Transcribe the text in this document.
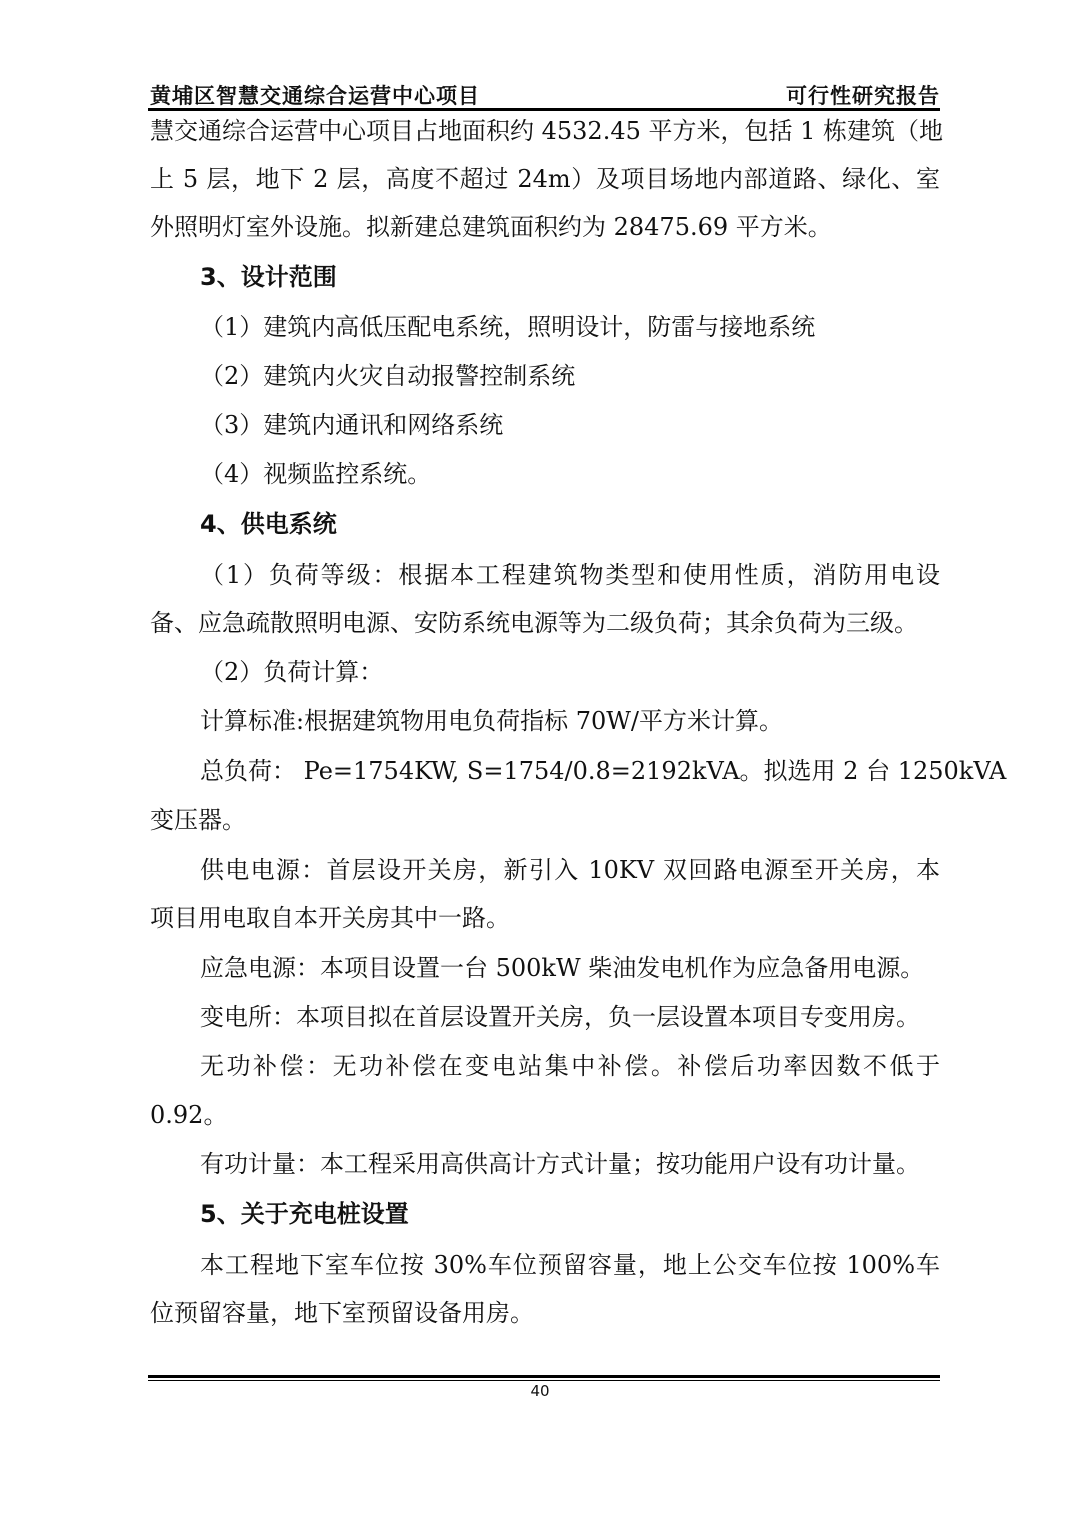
黄埔区智慧交通综合运营中心项目	可行性研究报告
慧交通综合运营中心项目占地面积约 4532.45 平方米，包括 1 栋建筑（地
上 5 层，地下 2 层，高度不超过 24m）及项目场地内部道路、绿化、室
外照明灯室外设施。拟新建总建筑面积约为 28475.69 平方米。
3、设计范围
（1）建筑内高低压配电系统，照明设计，防雷与接地系统
（2）建筑内火灾自动报警控制系统
（3）建筑内通讯和网络系统
（4）视频监控系统。
4、供电系统
（1）负荷等级：根据本工程建筑物类型和使用性质，消防用电设
备、应急疏散照明电源、安防系统电源等为二级负荷；其余负荷为三级。
（2）负荷计算：
计算标准:根据建筑物用电负荷指标 70W/平方米计算。
总负荷： Pe=1754KW, S=1754/0.8=2192kVA。拟选用 2 台 1250kVA
变压器。
供电电源：首层设开关房，新引入 10KV 双回路电源至开关房，本
项目用电取自本开关房其中一路。
应急电源：本项目设置一台 500kW 柴油发电机作为应急备用电源。
变电所：本项目拟在首层设置开关房，负一层设置本项目专变用房。
无功补偿：无功补偿在变电站集中补偿。补偿后功率因数不低于
0.92。
有功计量：本工程采用高供高计方式计量；按功能用户设有功计量。
5、关于充电桩设置
本工程地下室车位按 30%车位预留容量，地上公交车位按 100%车
位预留容量，地下室预留设备用房。
40
